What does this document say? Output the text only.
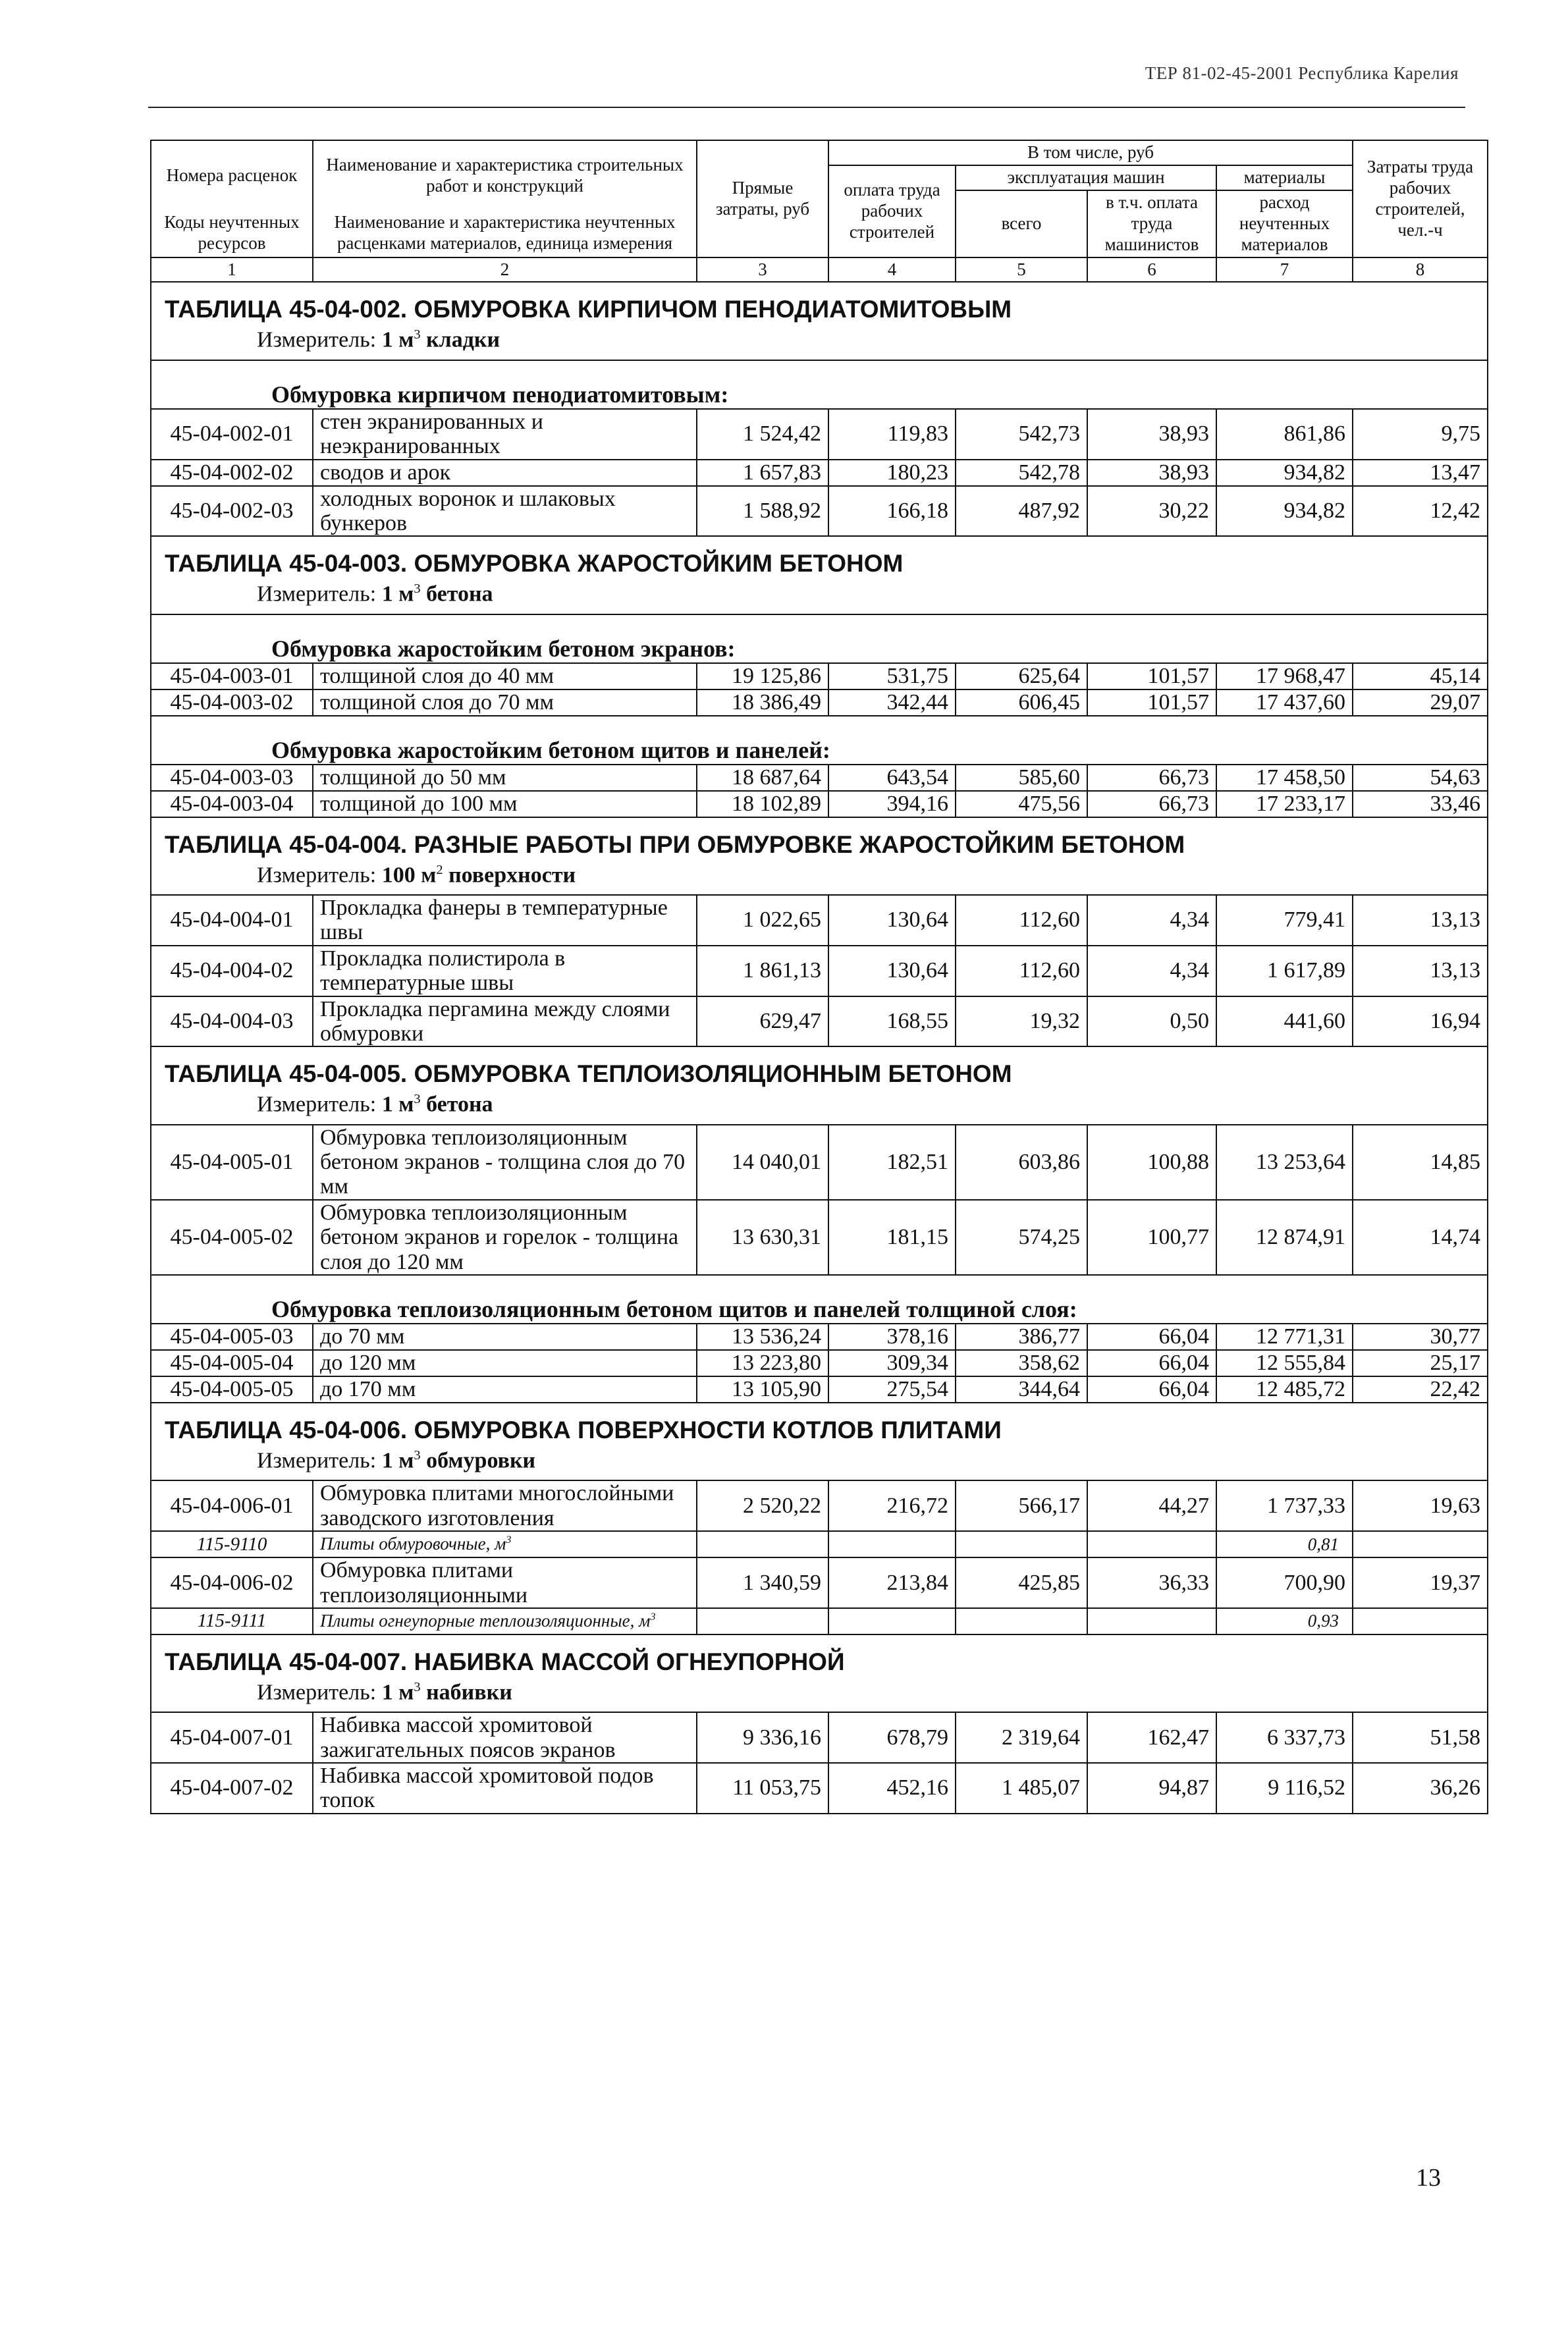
ТЕР 81-02-45-2001 Республика Карелия
Номера расценок	Наименование и характеристика строительных работ и конструкций	Прямые затраты, руб	В том числе, руб				Затраты труда рабочих строителей, чел.-ч
			оплата труда рабочих строителей	эксплуатация машин		материалы	
				всего	в т.ч. оплата труда машинистов	расход неучтенных материалов	
Коды неучтенных ресурсов	Наименование и характеристика неучтенных расценками материалов, единица измерения						

1	2	3	4	5	6	7	8
ТАБЛИЦА 45-04-002. ОБМУРОВКА КИРПИЧОМ ПЕНОДИАТОМИТОВЫМ							
Измеритель: 1 $м^3$ кладки							
Обмуровка кирпичом пенодиатомитовым:							
45-04-002-01	стен экранированных и неэкранированных	1 524,42	119,83	542,73	38,93	861,86	9,75
45-04-002-02	сводов и арок	1 657,83	180,23	542,78	38,93	934,82	13,47
45-04-002-03	холодных воронок и шлаковых бункеров	1 588,92	166,18	487,92	30,22	934,82	12,42
ТАБЛИЦА 45-04-003. ОБМУРОВКА ЖАРОСТОЙКИМ БЕТОНОМ							
Измеритель: 1 $м^3$ бетона							
Обмуровка жаростойким бетоном экранов:							
45-04-003-01	толщиной слоя до 40 мм	19 125,86	531,75	625,64	101,57	17 968,47	45,14
45-04-003-02	толщиной слоя до 70 мм	18 386,49	342,44	606,45	101,57	17 437,60	29,07
Обмуровка жаростойким бетоном щитов и панелей:							
45-04-003-03	толщиной до 50 мм	18 687,64	643,54	585,60	66,73	17 458,50	54,63
45-04-003-04	толщиной до 100 мм	18 102,89	394,16	475,56	66,73	17 233,17	33,46
ТАБЛИЦА 45-04-004. РАЗНЫЕ РАБОТЫ ПРИ ОБМУРОВКЕ ЖАРОСТОЙКИМ БЕТОНОМ							
Измеритель: 100 $м^2$ поверхности							
45-04-004-01	Прокладка фанеры в температурные швы	1 022,65	130,64	112,60	4,34	779,41	13,13
45-04-004-02	Прокладка полистирола в температурные швы	1 861,13	130,64	112,60	4,34	1 617,89	13,13
45-04-004-03	Прокладка пергамина между слоями обмуровки	629,47	168,55	19,32	0,50	441,60	16,94
ТАБЛИЦА 45-04-005. ОБМУРОВКА ТЕПЛОИЗОЛЯЦИОННЫМ БЕТОНОМ							
Измеритель: 1 $м^3$ бетона							
45-04-005-01	Обмуровка теплоизоляционным бетоном экранов - толщина слоя до 70 мм	14 040,01	182,51	603,86	100,88	13 253,64	14,85
45-04-005-02	Обмуровка теплоизоляционным бетоном экранов и горелок - толщина слоя до 120 мм	13 630,31	181,15	574,25	100,77	12 874,91	14,74
Обмуровка теплоизоляционным бетоном щитов и панелей толщиной слоя:							
45-04-005-03	до 70 мм	13 536,24	378,16	386,77	66,04	12 771,31	30,77
45-04-005-04	до 120 мм	13 223,80	309,34	358,62	66,04	12 555,84	25,17
45-04-005-05	до 170 мм	13 105,90	275,54	344,64	66,04	12 485,72	22,42
ТАБЛИЦА 45-04-006. ОБМУРОВКА ПОВЕРХНОСТИ КОТЛОВ ПЛИТАМИ							
Измеритель: 1 $м^3$ обмуровки							
45-04-006-01	Обмуровка плитами многослойными заводского изготовления	2 520,22	216,72	566,17	44,27	1 737,33	19,63
115-9110	Плиты обмуровочные, $м^3$					0,81	
45-04-006-02	Обмуровка плитами теплоизоляционными	1 340,59	213,84	425,85	36,33	700,90	19,37
115-9111	Плиты огнеупорные теплоизоляционные, $м^3$					0,93	
ТАБЛИЦА 45-04-007. НАБИВКА МАССОЙ ОГНЕУПОРНОЙ							
Измеритель: 1 $м^3$ набивки							
45-04-007-01	Набивка массой хромитовой зажигательных поясов экранов	9 336,16	678,79	2 319,64	162,47	6 337,73	51,58
45-04-007-02	Набивка массой хромитовой подов топок	11 053,75	452,16	1 485,07	94,87	9 116,52	36,26
13
